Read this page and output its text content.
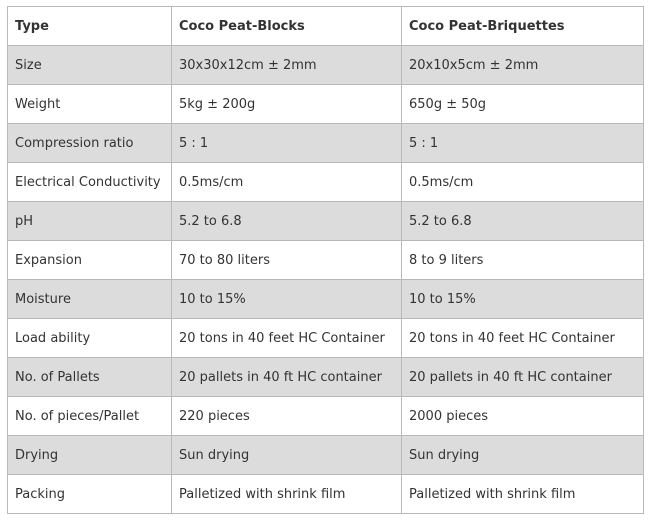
Type	Coco Peat-Blocks	Coco Peat-Briquettes
Size	30x30x12cm ± 2mm	20x10x5cm ± 2mm
Weight	5kg ± 200g	650g ± 50g
Compression ratio	5 : 1	5 : 1
Electrical Conductivity	0.5ms/cm	0.5ms/cm
pH	5.2 to 6.8	5.2 to 6.8
Expansion	70 to 80 liters	8 to 9 liters
Moisture	10 to 15%	10 to 15%
Load ability	20 tons in 40 feet HC Container	20 tons in 40 feet HC Container
No. of Pallets	20 pallets in 40 ft HC container	20 pallets in 40 ft HC container
No. of pieces/Pallet	220 pieces	2000 pieces
Drying	Sun drying	Sun drying
Packing	Palletized with shrink film	Palletized with shrink film
